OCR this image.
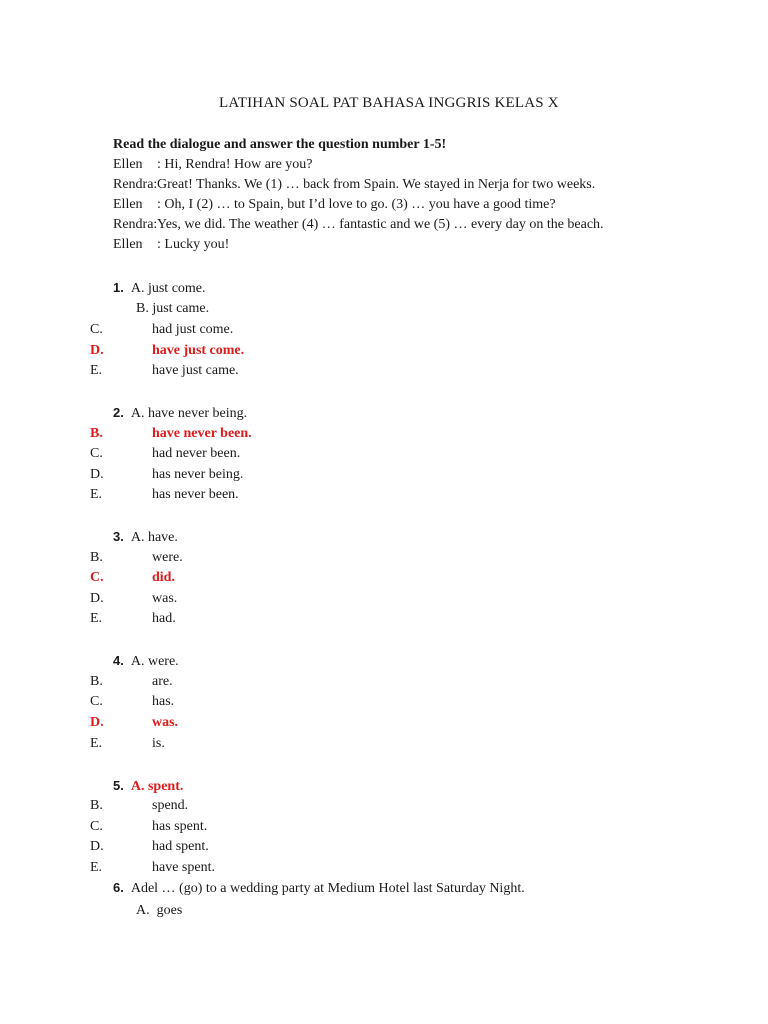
LATIHAN SOAL PAT BAHASA INGGRIS KELAS X
Read the dialogue and answer the question number 1-5!
Ellen : Hi, Rendra! How are you?
Rendra:Great! Thanks. We (1) … back from Spain. We stayed in Nerja for two weeks.
Ellen : Oh, I (2) … to Spain, but I’d love to go. (3) … you have a good time?
Rendra:Yes, we did. The weather (4) … fantastic and we (5) … every day on the beach.
Ellen : Lucky you!
1. A. just come.
B. just came.
C.	had just come.
D.	have just come.
E.	have just came.
2. A. have never being.
B.	have never been.
C.	had never been.
D.	has never being.
E.	has never been.
3. A. have.
B.	were.
C.	did.
D.	was.
E.	had.
4. A. were.
B.	are.
C.	has.
D.	was.
E.	is.
5. A. spent.
B.	spend.
C.	has spent.
D.	had spent.
E.	have spent.
6. Adel … (go) to a wedding party at Medium Hotel last Saturday Night.
A. goes
